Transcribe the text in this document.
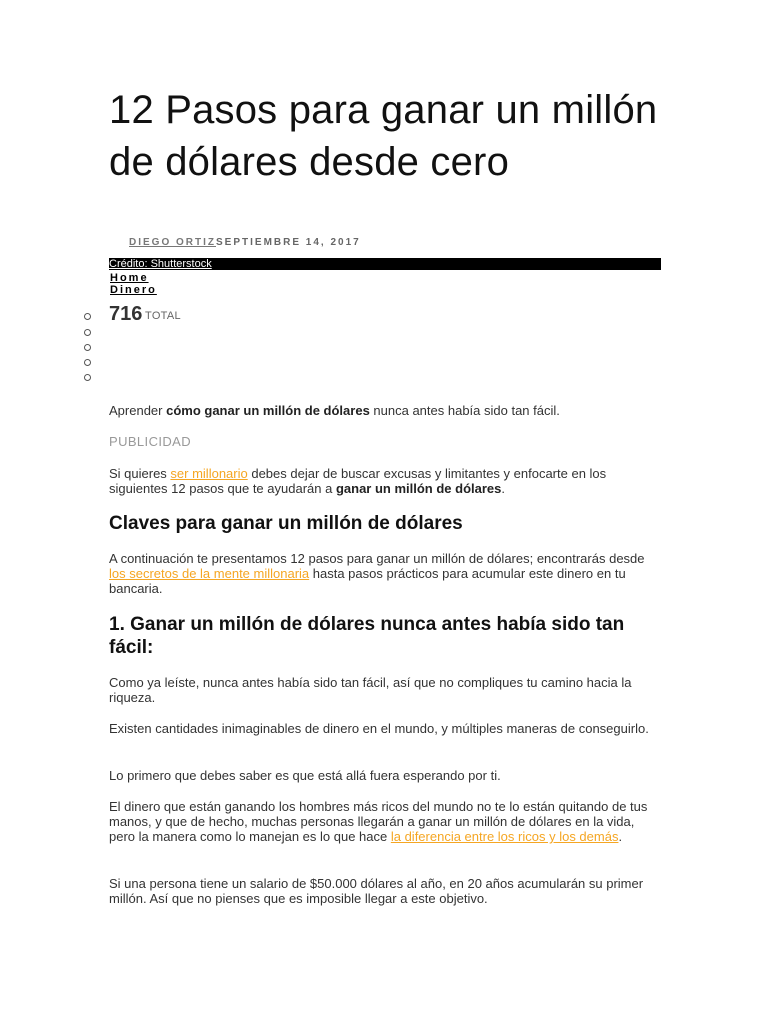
12 Pasos para ganar un millón de dólares desde cero
DIEGO ORTIZSEPTIEMBRE 14, 2017
Crédito: Shutterstock
Home
Dinero
716 TOTAL

Aprender cómo ganar un millón de dólares nunca antes había sido tan fácil.

PUBLICIDAD

Si quieres ser millonario debes dejar de buscar excusas y limitantes y enfocarte en los siguientes 12 pasos que te ayudarán a ganar un millón de dólares.

Claves para ganar un millón de dólares

A continuación te presentamos 12 pasos para ganar un millón de dólares; encontrarás desde los secretos de la mente millonaria hasta pasos prácticos para acumular este dinero en tu bancaria.

1. Ganar un millón de dólares nunca antes había sido tan fácil:

Como ya leíste, nunca antes había sido tan fácil, así que no compliques tu camino hacia la riqueza.

Existen cantidades inimaginables de dinero en el mundo, y múltiples maneras de conseguirlo.

Lo primero que debes saber es que está allá fuera esperando por ti.

El dinero que están ganando los hombres más ricos del mundo no te lo están quitando de tus manos, y que de hecho, muchas personas llegarán a ganar un millón de dólares en la vida, pero la manera como lo manejan es lo que hace la diferencia entre los ricos y los demás.

Si una persona tiene un salario de $50.000 dólares al año, en 20 años acumularán su primer millón. Así que no pienses que es imposible llegar a este objetivo.
